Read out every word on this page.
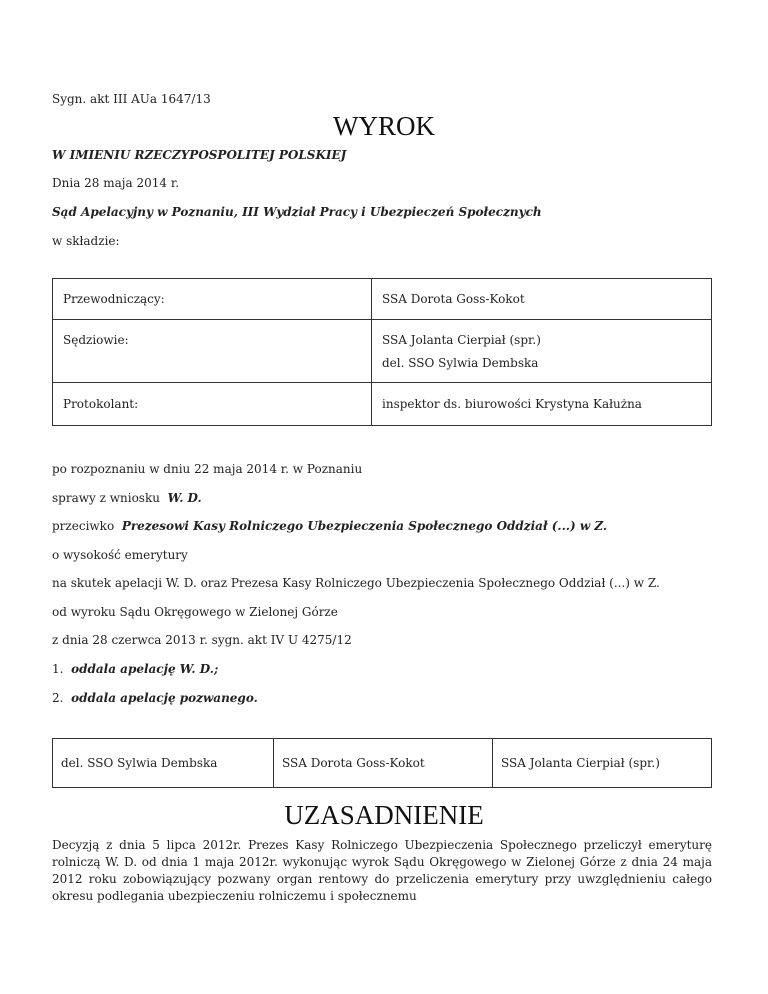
Sygn. akt III AUa 1647/13
WYROK
W IMIENIU RZECZYPOSPOLITEJ POLSKIEJ
Dnia 28 maja 2014 r.
Sąd Apelacyjny w Poznaniu, III Wydział Pracy i Ubezpieczeń Społecznych
w składzie:
Przewodniczący:	SSA Dorota Goss-Kokot

Sędziowie:	SSA Jolanta Cierpiał (spr.)
del. SSO Sylwia Dembska

Protokolant:	inspektor ds. biurowości Krystyna Kałużna
po rozpoznaniu w dniu 22 maja 2014 r. w Poznaniu
sprawy z wniosku W. D.
przeciwko Prezesowi Kasy Rolniczego Ubezpieczenia Społecznego Oddział (...) w Z.
o wysokość emerytury
na skutek apelacji W. D. oraz Prezesa Kasy Rolniczego Ubezpieczenia Społecznego Oddział (...) w Z.
od wyroku Sądu Okręgowego w Zielonej Górze
z dnia 28 czerwca 2013 r. sygn. akt IV U 4275/12
1. oddala apelację W. D.;
2. oddala apelację pozwanego.
del. SSO Sylwia Dembska	SSA Dorota Goss-Kokot	SSA Jolanta Cierpiał (spr.)
UZASADNIENIE
Decyzją z dnia 5 lipca 2012r. Prezes Kasy Rolniczego Ubezpieczenia Społecznego przeliczył emeryturę rolniczą W. D. od dnia 1 maja 2012r. wykonując wyrok Sądu Okręgowego w Zielonej Górze z dnia 24 maja 2012 roku zobowiązujący pozwany organ rentowy do przeliczenia emerytury przy uwzględnieniu całego okresu podlegania ubezpieczeniu rolniczemu i społecznemu
